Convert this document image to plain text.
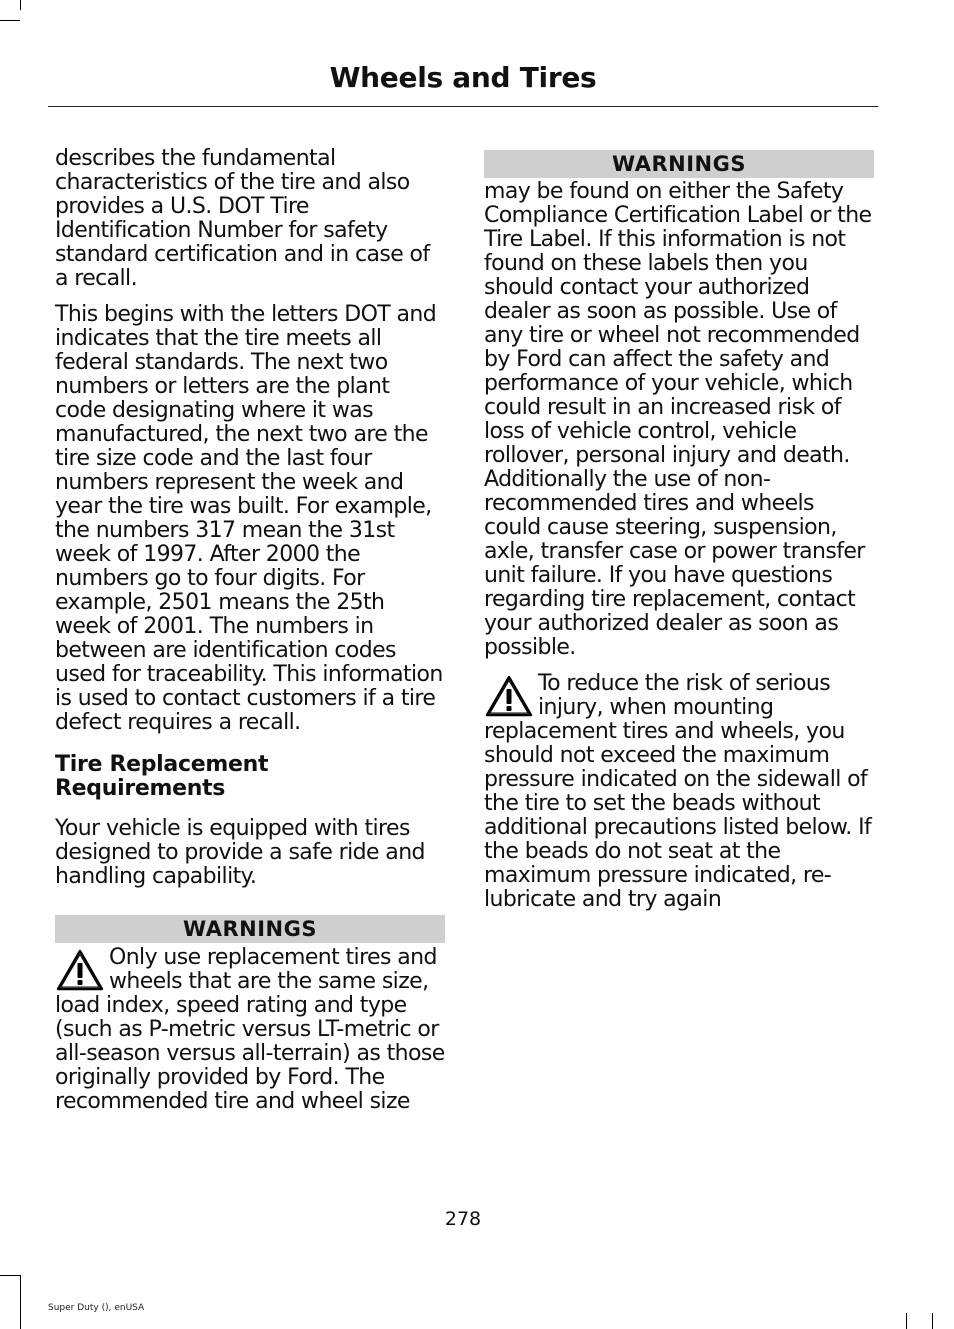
Wheels and Tires

describes the fundamental characteristics of the tire and also provides a U.S. DOT Tire Identification Number for safety standard certification and in case of a recall.

This begins with the letters DOT and indicates that the tire meets all federal standards. The next two numbers or letters are the plant code designating where it was manufactured, the next two are the tire size code and the last four numbers represent the week and year the tire was built. For example, the numbers 317 mean the 31st week of 1997. After 2000 the numbers go to four digits. For example, 2501 means the 25th week of 2001. The numbers in between are identification codes used for traceability. This information is used to contact customers if a tire defect requires a recall.

Tire Replacement Requirements

Your vehicle is equipped with tires designed to provide a safe ride and handling capability.

WARNINGS
Only use replacement tires and wheels that are the same size, load index, speed rating and type (such as P-metric versus LT-metric or all-season versus all-terrain) as those originally provided by Ford. The recommended tire and wheel size
WARNINGS

may be found on either the Safety Compliance Certification Label or the Tire Label. If this information is not found on these labels then you should contact your authorized dealer as soon as possible. Use of any tire or wheel not recommended by Ford can affect the safety and performance of your vehicle, which could result in an increased risk of loss of vehicle control, vehicle rollover, personal injury and death. Additionally the use of non-recommended tires and wheels could cause steering, suspension, axle, transfer case or power transfer unit failure. If you have questions regarding tire replacement, contact your authorized dealer as soon as possible.

To reduce the risk of serious injury, when mounting replacement tires and wheels, you should not exceed the maximum pressure indicated on the sidewall of the tire to set the beads without additional precautions listed below. If the beads do not seat at the maximum pressure indicated, re-lubricate and try again
278
Super Duty (), enUSA
